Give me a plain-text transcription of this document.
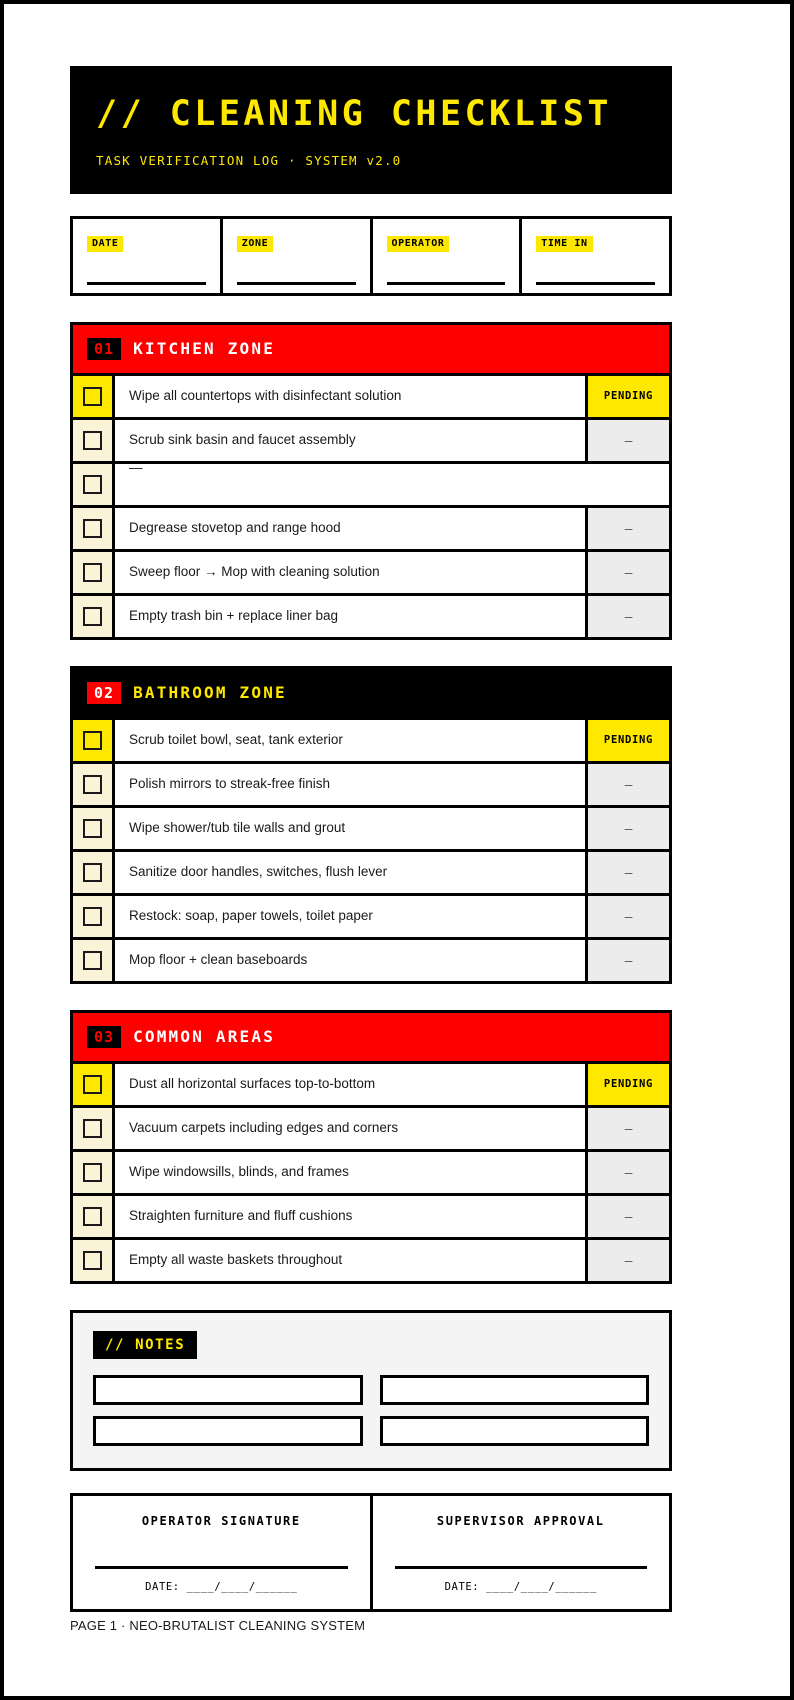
// CLEANING CHECKLIST
TASK VERIFICATION LOG · SYSTEM v2.0
DATE	ZONE	OPERATOR	TIME IN
01	KITCHEN ZONE
Wipe all countertops with disinfectant solution	PENDING
Scrub sink basin and faucet assembly	–
—
Degrease stovetop and range hood	–
Sweep floor → Mop with cleaning solution	–
Empty trash bin + replace liner bag	–
02	BATHROOM ZONE
Scrub toilet bowl, seat, tank exterior	PENDING
Polish mirrors to streak-free finish	–
Wipe shower/tub tile walls and grout	–
Sanitize door handles, switches, flush lever	–
Restock: soap, paper towels, toilet paper	–
Mop floor + clean baseboards	–
03	COMMON AREAS
Dust all horizontal surfaces top-to-bottom	PENDING
Vacuum carpets including edges and corners	–
Wipe windowsills, blinds, and frames	–
Straighten furniture and fluff cushions	–
Empty all waste baskets throughout	–
// NOTES
OPERATOR SIGNATURE
DATE: ____/____/______
SUPERVISOR APPROVAL
DATE: ____/____/______
PAGE 1 · NEO-BRUTALIST CLEANING SYSTEM
